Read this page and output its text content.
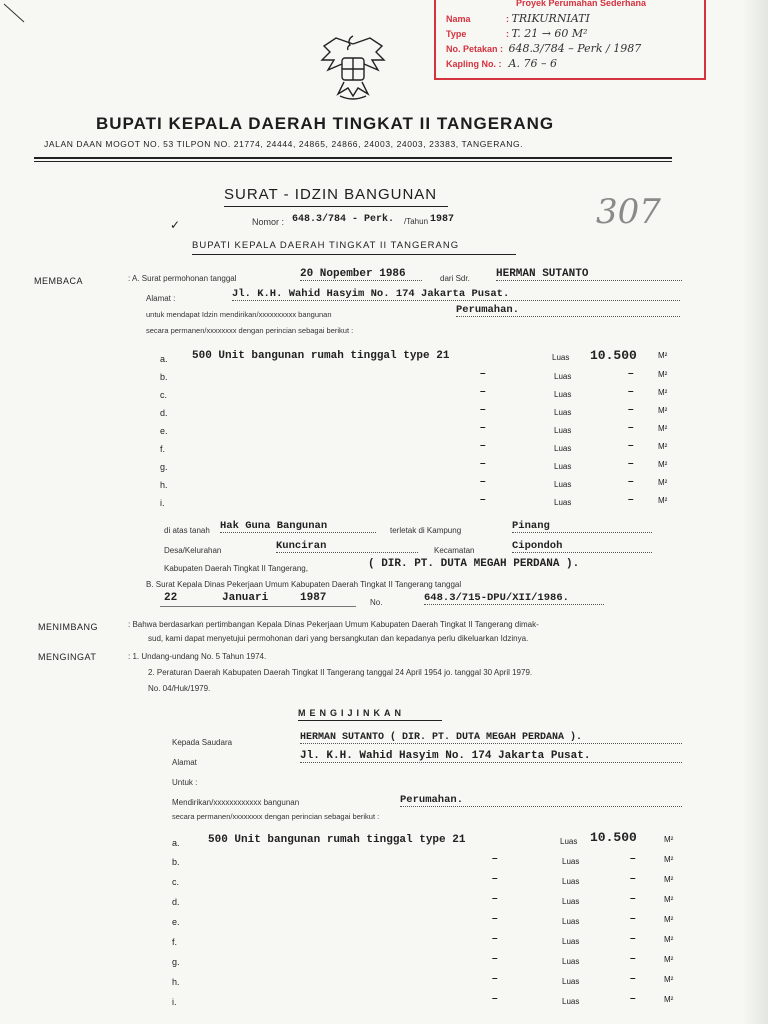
Proyek Perumahan Sederhana
Nama	: TRIKURNIATI
Type	: T. 21 → 60 M²
No. Petakan : 648.3/784 – Perk / 1987
Kapling No. : A. 76 – 6
BUPATI KEPALA DAERAH TINGKAT II TANGERANG
JALAN DAAN MOGOT NO. 53 TILPON NO. 21774, 24444, 24865, 24866, 24003, 24003, 23383, TANGERANG.
SURAT - IDZIN BANGUNAN
Nomor : 648.3/784 - Perk. /Tahun 1987	307
✓
BUPATI KEPALA DAERAH TINGKAT II TANGERANG
MEMBACA	: A. Surat permohonan tanggal	20 Nopember 1986	dari Sdr. HERMAN SUTANTO
Alamat :	Jl. K.H. Wahid Hasyim No. 174 Jakarta Pusat.
untuk mendapat Idzin mendirikan/xxxxxxxxxx bangunan	Perumahan.
secara permanen/xxxxxxxx dengan perincian sebagai berikut :
a. 500 Unit bangunan rumah tinggal type 21	Luas 10.500	M²
b.	–	Luas	–	M²
c.	–	Luas	–	M²
d.	–	Luas	–	M²
e.	–	Luas	–	M²
f.	–	Luas	–	M²
g.	–	Luas	–	M²
h.	–	Luas	–	M²
i.	–	Luas	–	M²
di atas tanah Hak Guna Bangunan	terletak di Kampung	Pinang
Desa/Kelurahan	Kunciran	Kecamatan	Cipondoh
Kabupaten Daerah Tingkat II Tangerang,	( DIR. PT. DUTA MEGAH PERDANA ).
B. Surat Kepala Dinas Pekerjaan Umum Kabupaten Daerah Tingkat II Tangerang tanggal
22	Januari	1987	No.	648.3/715-DPU/XII/1986.
MENIMBANG	: Bahwa berdasarkan pertimbangan Kepala Dinas Pekerjaan Umum Kabupaten Daerah Tingkat II Tangerang dimak-
sud, kami dapat menyetujui permohonan dari yang bersangkutan dan kepadanya perlu dikeluarkan Idzinya.
MENGINGAT	: 1. Undang-undang No. 5 Tahun 1974.
2. Peraturan Daerah Kabupaten Daerah Tingkat II Tangerang tanggal 24 April 1954 jo. tanggal 30 April 1979.
No. 04/Huk/1979.
MENGIJINKAN
Kepada Saudara	HERMAN SUTANTO ( DIR. PT. DUTA MEGAH PERDANA ).
Alamat
Jl. K.H. Wahid Hasyim No. 174 Jakarta Pusat.
Untuk :
Mendirikan/xxxxxxxxxxxx bangunan	Perumahan.
secara permanen/xxxxxxxx dengan perincian sebagai berikut :
a.	500 Unit bangunan rumah tinggal type 21	Luas 10.500	M²
b.	–	Luas	–	M²
c.	–	Luas	–	M²
d.	–	Luas	–	M²
e.	–	Luas	–	M²
f.	–	Luas	–	M²
g.	–	Luas	–	M²
h.	–	Luas	–	M²
i.	–	Luas	–	M²
